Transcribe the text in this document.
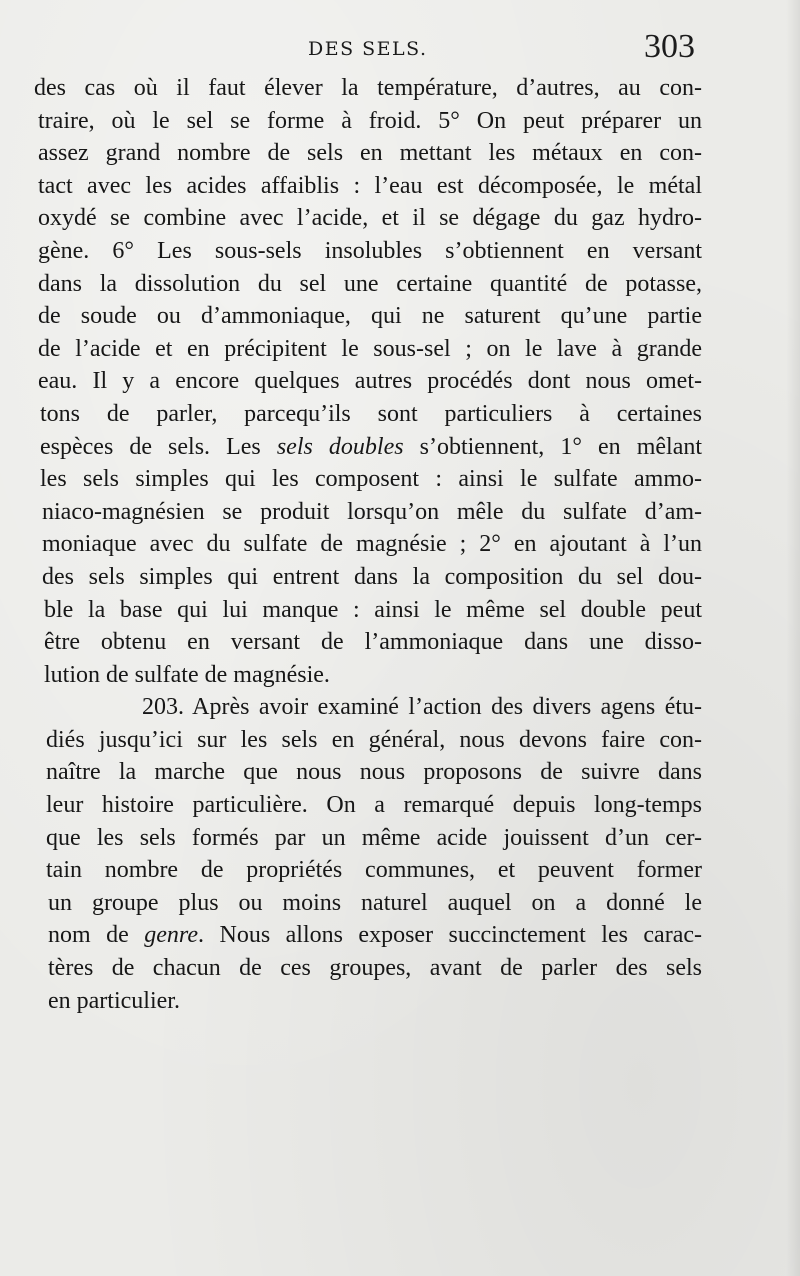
DES SELS.	303
des cas où il faut élever la température, d’autres, au con-
traire, où le sel se forme à froid. 5° On peut préparer un
assez grand nombre de sels en mettant les métaux en con-
tact avec les acides affaiblis : l’eau est décomposée, le métal
oxydé se combine avec l’acide, et il se dégage du gaz hydro-
gène. 6° Les sous-sels insolubles s’obtiennent en versant
dans la dissolution du sel une certaine quantité de potasse,
de soude ou d’ammoniaque, qui ne saturent qu’une partie
de l’acide et en précipitent le sous-sel ; on le lave à grande
eau. Il y a encore quelques autres procédés dont nous omet-
tons de parler, parcequ’ils sont particuliers à certaines
espèces de sels. Les sels doubles s’obtiennent, 1° en mêlant
les sels simples qui les composent : ainsi le sulfate ammo-
niaco-magnésien se produit lorsqu’on mêle du sulfate d’am-
moniaque avec du sulfate de magnésie ; 2° en ajoutant à l’un
des sels simples qui entrent dans la composition du sel dou-
ble la base qui lui manque : ainsi le même sel double peut
être obtenu en versant de l’ammoniaque dans une disso-
lution de sulfate de magnésie.
203. Après avoir examiné l’action des divers agens étu-
diés jusqu’ici sur les sels en général, nous devons faire con-
naître la marche que nous nous proposons de suivre dans
leur histoire particulière. On a remarqué depuis long-temps
que les sels formés par un même acide jouissent d’un cer-
tain nombre de propriétés communes, et peuvent former
un groupe plus ou moins naturel auquel on a donné le
nom de genre. Nous allons exposer succinctement les carac-
tères de chacun de ces groupes, avant de parler des sels
en particulier.
